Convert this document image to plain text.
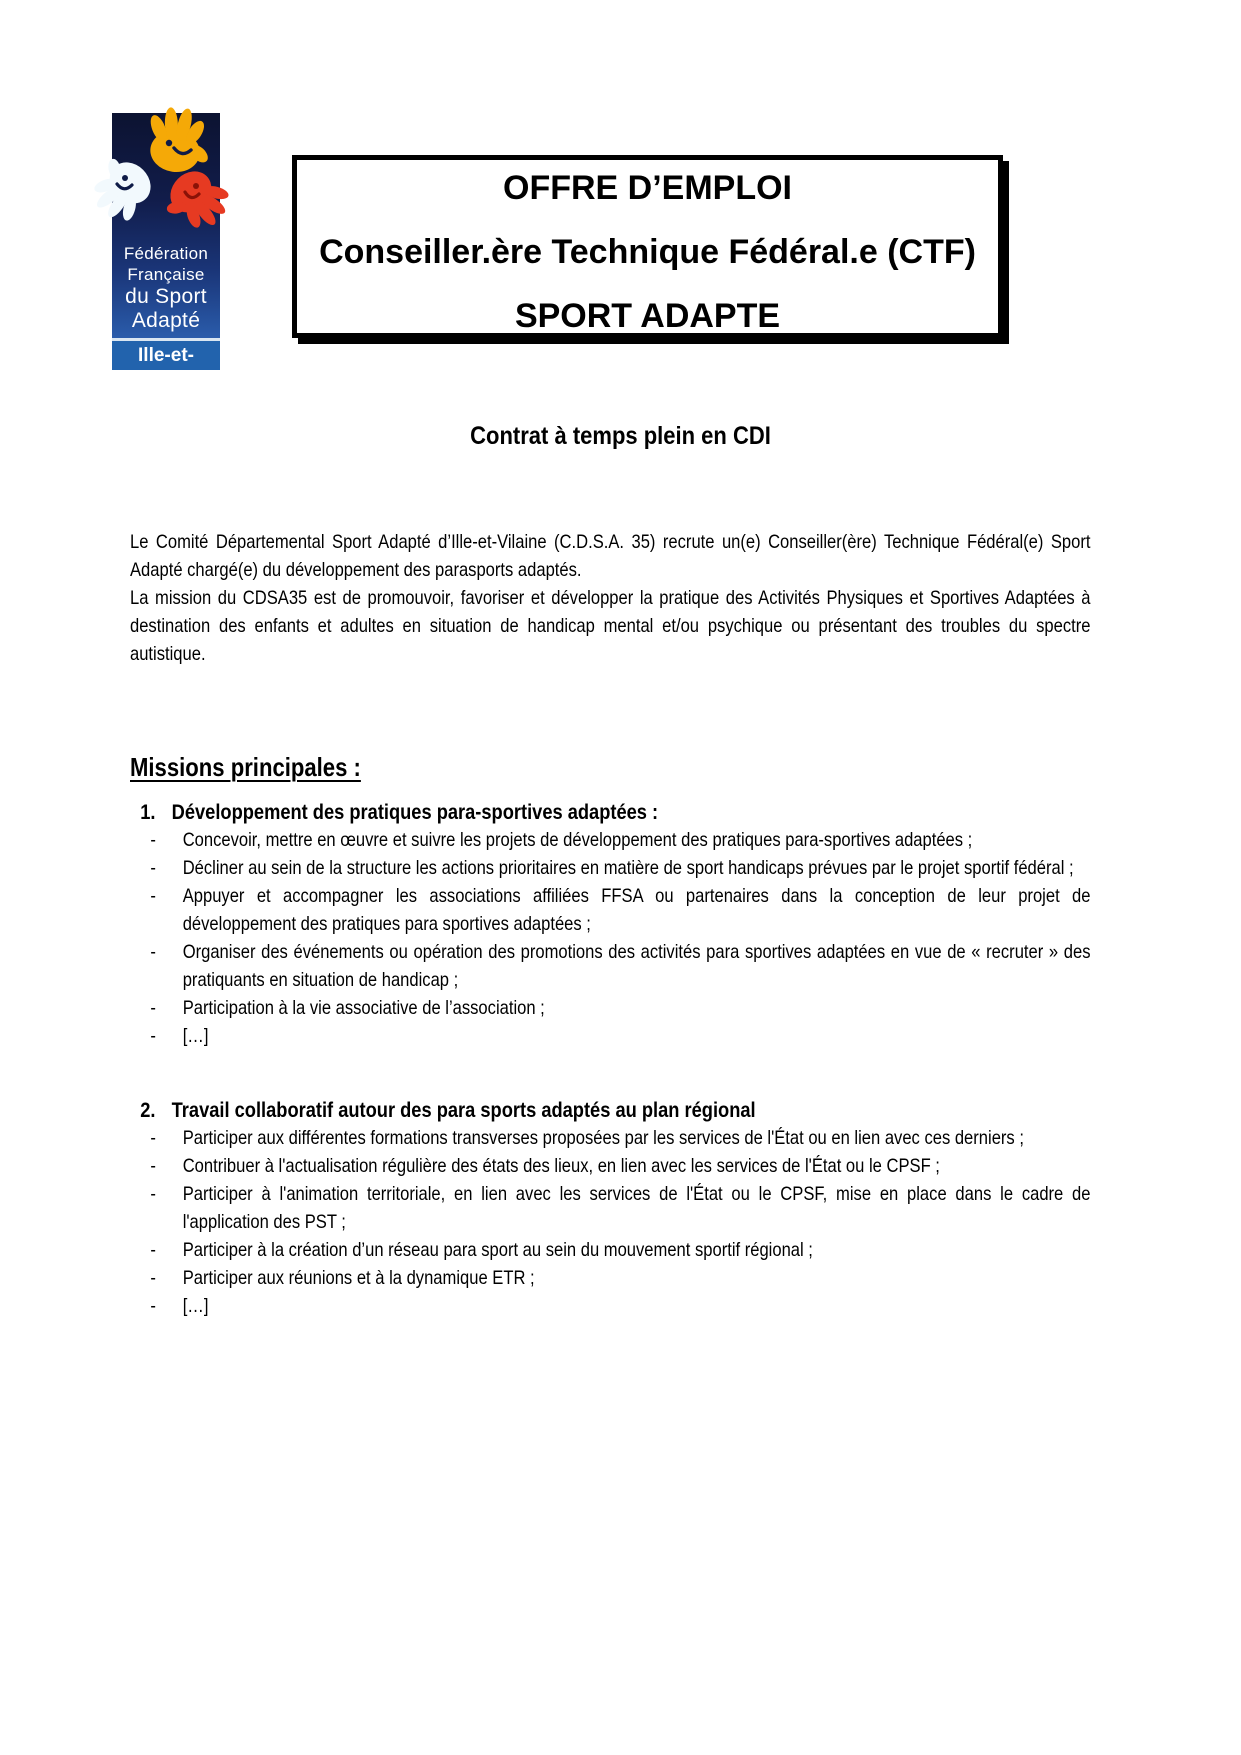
Fédération
Française
du Sport
Adapté
Ille-et-Vilaine
OFFRE D’EMPLOI
Conseiller.ère Technique Fédéral.e (CTF)
SPORT ADAPTE
Contrat à temps plein en CDI

Le Comité Départemental Sport Adapté d’Ille-et-Vilaine (C.D.S.A. 35) recrute un(e) Conseiller(ère) Technique Fédéral(e) Sport Adapté chargé(e) du développement des parasports adaptés.

La mission du CDSA35 est de promouvoir, favoriser et développer la pratique des Activités Physiques et Sportives Adaptées à destination des enfants et adultes en situation de handicap mental et/ou psychique ou présentant des troubles du spectre autistique.

Missions principales :
1. Développement des pratiques para-sportives adaptées :
- Concevoir, mettre en œuvre et suivre les projets de développement des pratiques para-sportives adaptées ;
- Décliner au sein de la structure les actions prioritaires en matière de sport handicaps prévues par le projet sportif fédéral ;
- Appuyer et accompagner les associations affiliées FFSA ou partenaires dans la conception de leur projet de développement des pratiques para sportives adaptées ;
- Organiser des événements ou opération des promotions des activités para sportives adaptées en vue de « recruter » des pratiquants en situation de handicap ;
- Participation à la vie associative de l’association ;
- […]
2. Travail collaboratif autour des para sports adaptés au plan régional
- Participer aux différentes formations transverses proposées par les services de l'État ou en lien avec ces derniers ;
- Contribuer à l'actualisation régulière des états des lieux, en lien avec les services de l'État ou le CPSF ;
- Participer à l'animation territoriale, en lien avec les services de l'État ou le CPSF, mise en place dans le cadre de l'application des PST ;
- Participer à la création d’un réseau para sport au sein du mouvement sportif régional ;
- Participer aux réunions et à la dynamique ETR ;
- […]
